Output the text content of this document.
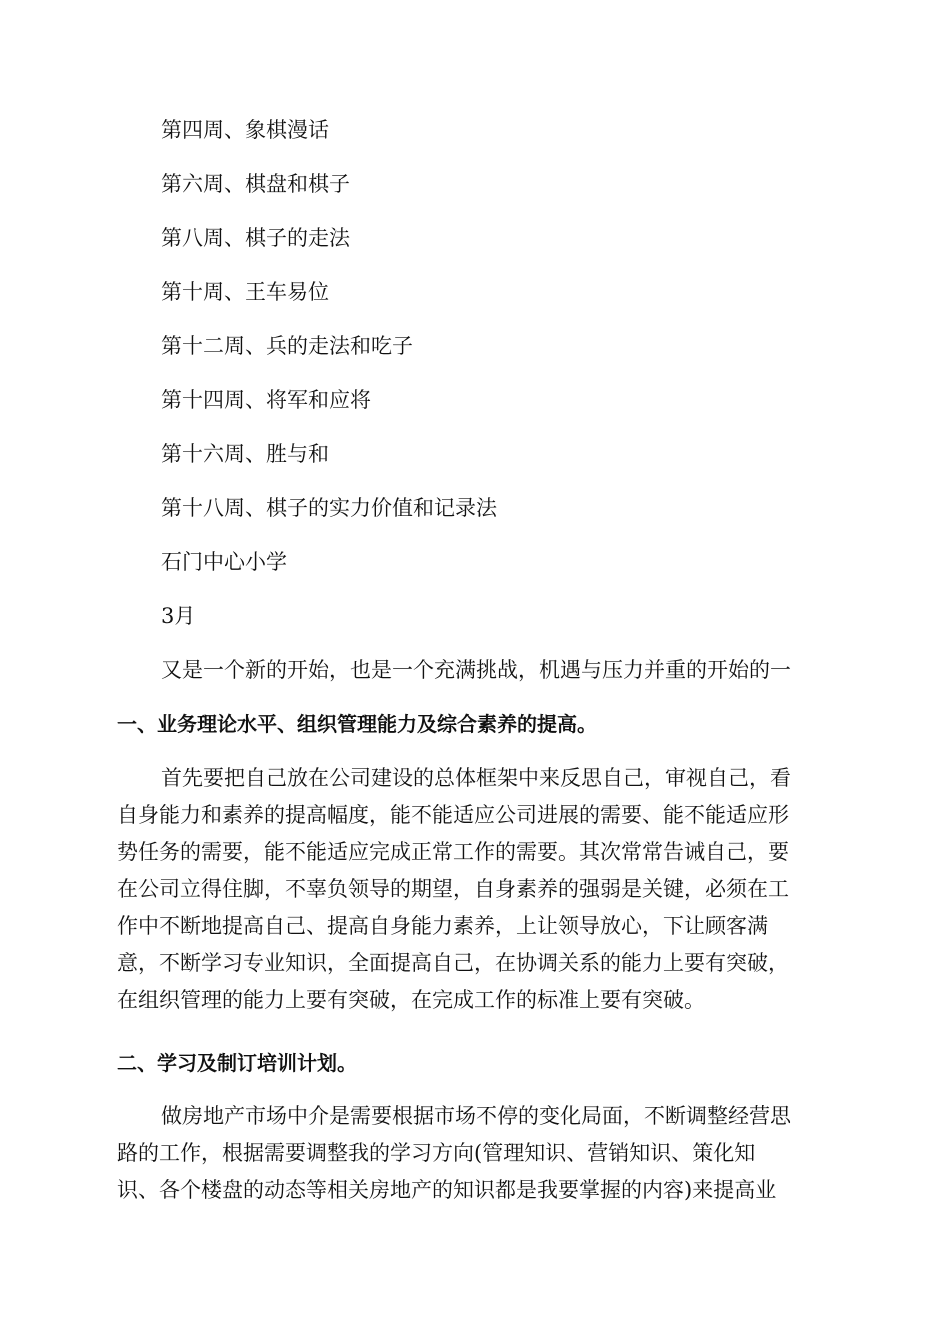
第四周、象棋漫话
第六周、棋盘和棋子
第八周、棋子的走法
第十周、王车易位
第十二周、兵的走法和吃子
第十四周、将军和应将
第十六周、胜与和
第十八周、棋子的实力价值和记录法
石门中心小学
3月
又是一个新的开始，也是一个充满挑战，机遇与压力并重的开始的一
一、业务理论水平、组织管理能力及综合素养的提高。
首先要把自己放在公司建设的总体框架中来反思自己，审视自己，看
自身能力和素养的提高幅度，能不能适应公司进展的需要、能不能适应形
势任务的需要，能不能适应完成正常工作的需要。其次常常告诫自己，要
在公司立得住脚，不辜负领导的期望，自身素养的强弱是关键，必须在工
作中不断地提高自己、提高自身能力素养，上让领导放心，下让顾客满
意，不断学习专业知识，全面提高自己，在协调关系的能力上要有突破，
在组织管理的能力上要有突破，在完成工作的标准上要有突破。
二、学习及制订培训计划。
做房地产市场中介是需要根据市场不停的变化局面，不断调整经营思
路的工作，根据需要调整我的学习方向(管理知识、营销知识、策化知
识、各个楼盘的动态等相关房地产的知识都是我要掌握的内容)来提高业
